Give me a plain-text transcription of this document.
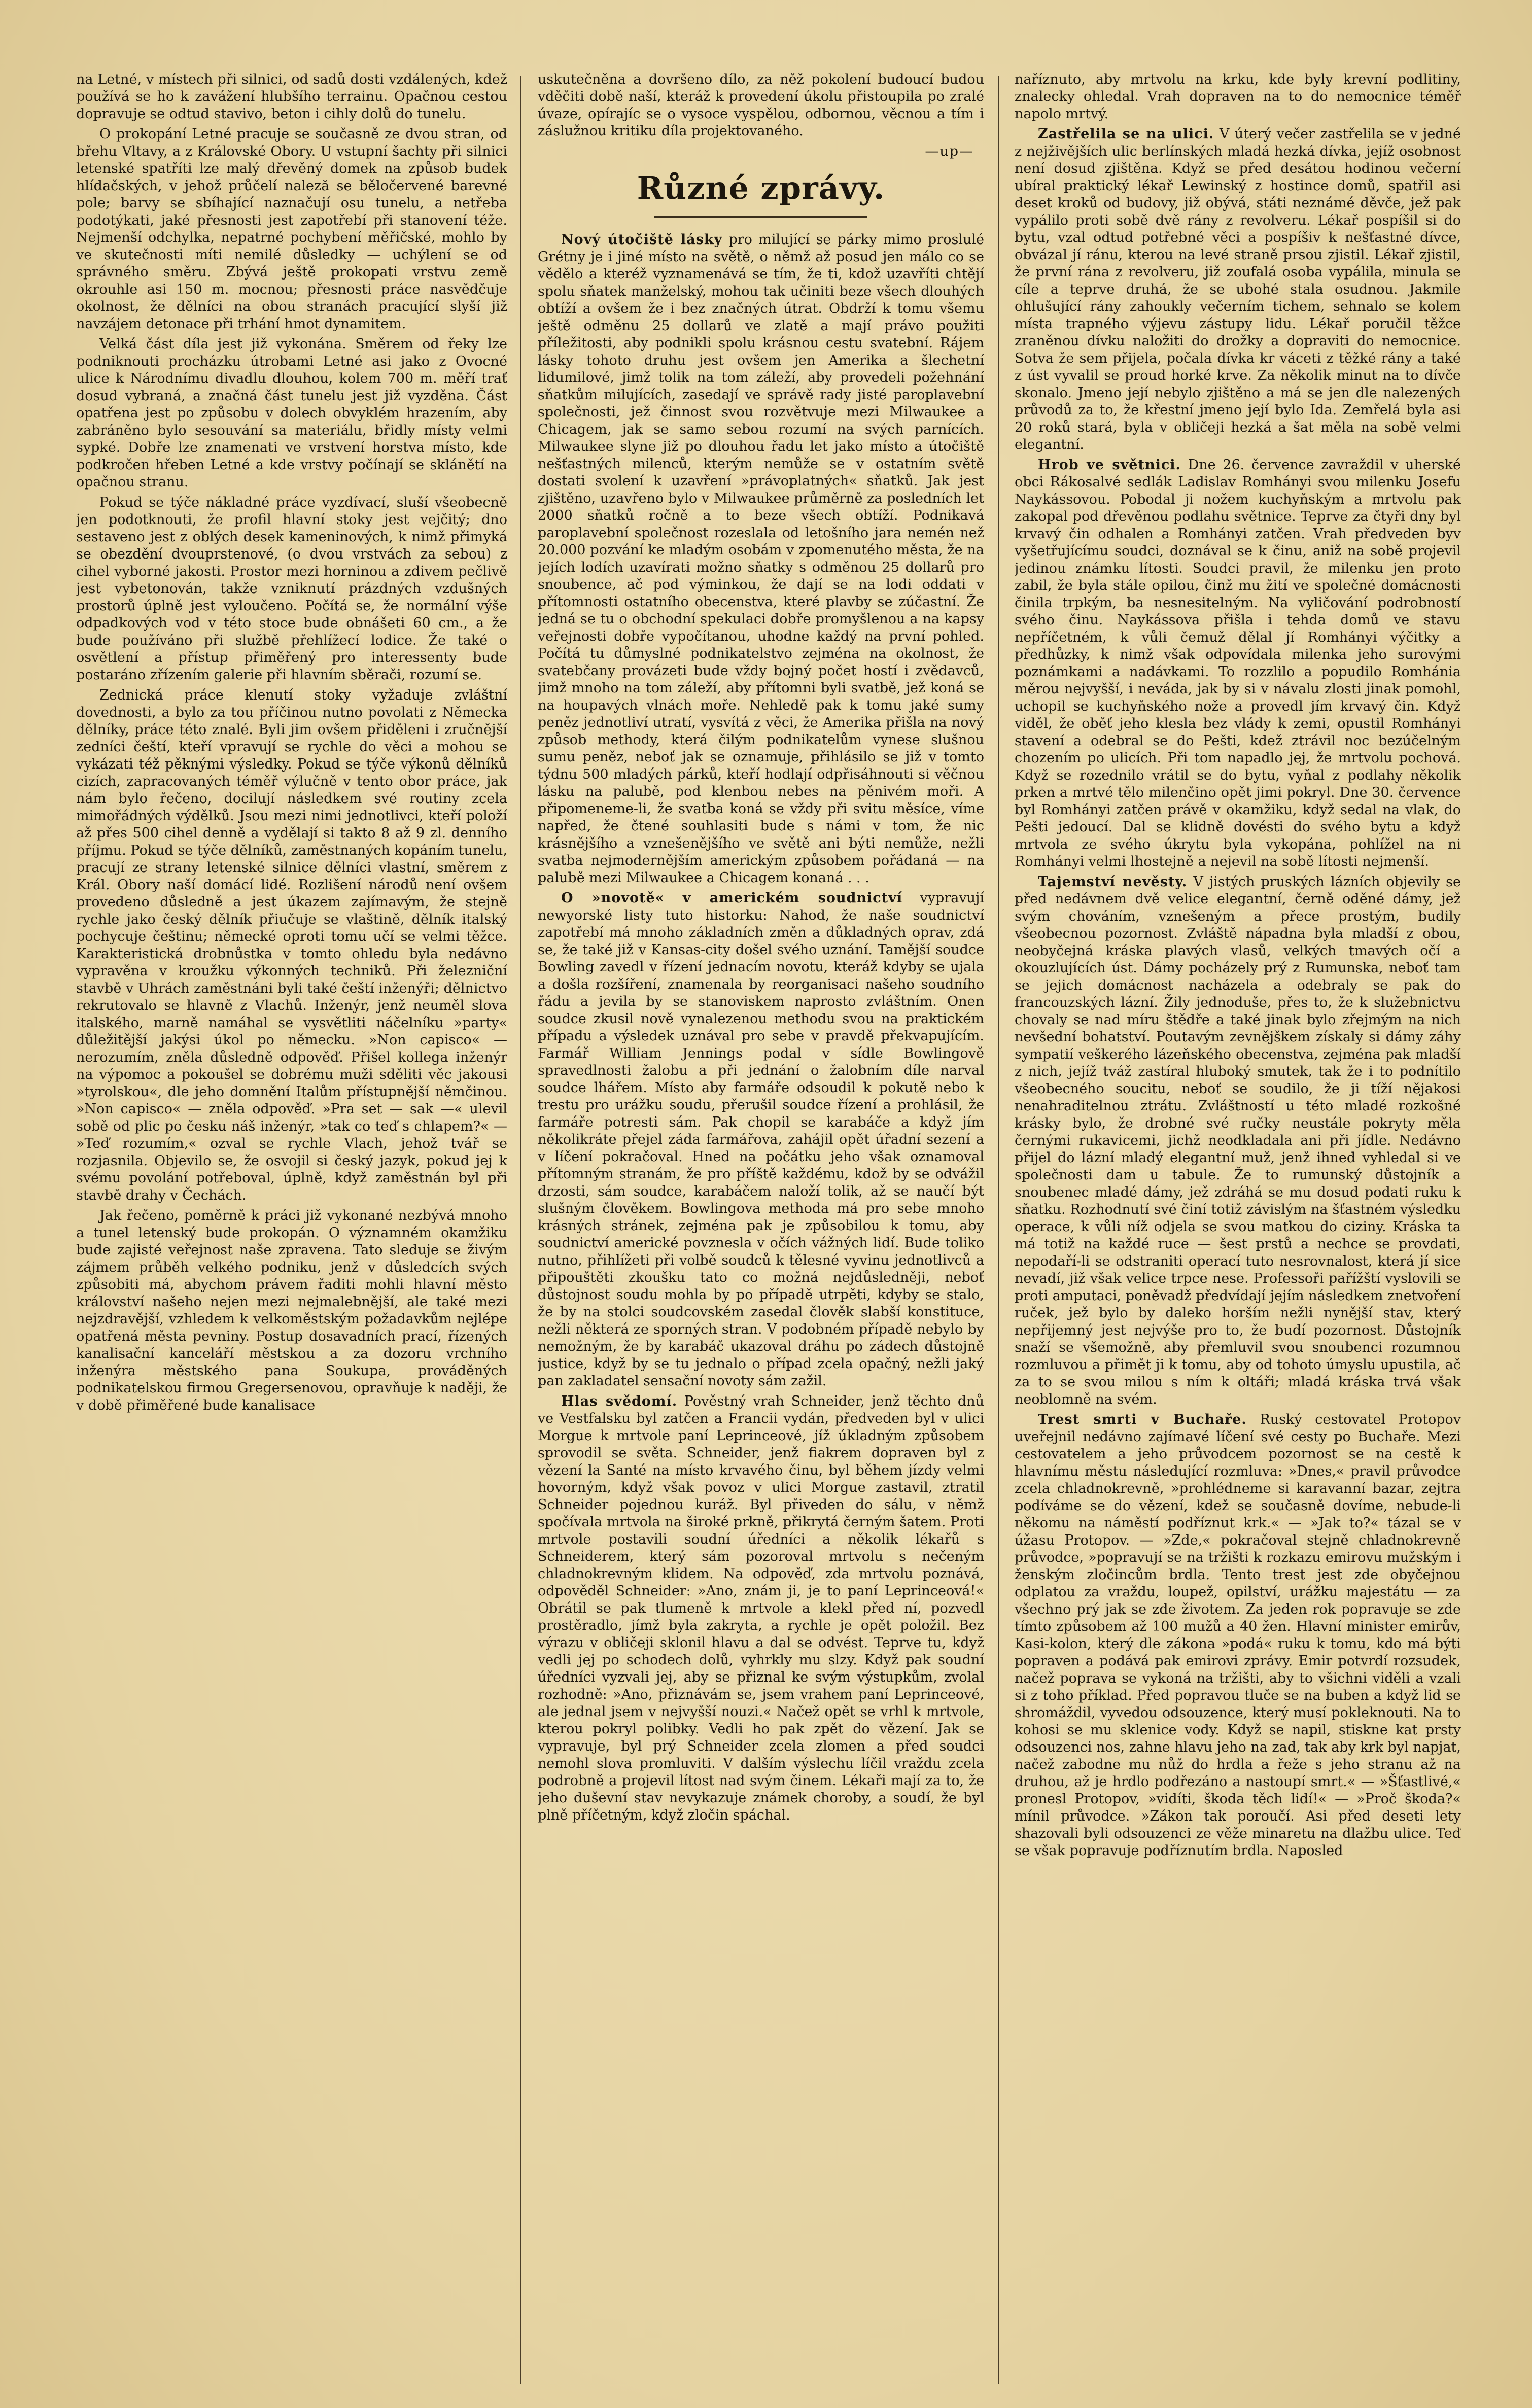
na Letné, v místech při silnici, od sadů dosti vzdálených, kdež používá se ho k zavážení hlubšího terrainu. Opačnou cestou dopravuje se odtud stavivo, beton i cihly dolů do tunelu.

O prokopání Letné pracuje se současně ze dvou stran, od břehu Vltavy, a z Královské Obory. U vstupní šachty při silnici letenské spatříti lze malý dřevěný domek na způsob budek hlídačských, v jehož průčelí naleză se běločervené barevné pole; barvy se sbíhající naznačují osu tunelu, a netřeba podotýkati, jaké přesnosti jest zapotřebí při stanovení téže. Nejmenší odchylka, nepatrné pochybení měřičské, mohlo by ve skutečnosti míti nemilé důsledky — uchýlení se od správného směru. Zbývá ještě prokopati vrstvu země okrouhle asi 150 m. mocnou; přesnosti práce nasvědčuje okolnost, že dělníci na obou stranách pracující slyší již navzájem detonace při trhání hmot dynamitem.

Velká část díla jest již vykonána. Směrem od řeky lze podniknouti procházku útrobami Letné asi jako z Ovocné ulice k Národnímu divadlu dlouhou, kolem 700 m. měří trať dosud vybraná, a značná část tunelu jest již vyzděna. Část opatřena jest po způsobu v dolech obvyklém hrazením, aby zabráněno bylo sesouvání sa materiálu, břidly místy velmi sypké. Dobře lze znamenati ve vrstvení horstva místo, kde podkročen hřeben Letné a kde vrstvy počínají se sklánětí na opačnou stranu.

Pokud se týče nákladné práce vyzdívací, sluší všeobecně jen podotknouti, že profil hlavní stoky jest vejčitý; dno sestaveno jest z oblých desek kameninových, k nimž přimyká se obezdění dvouprstenové, (o dvou vrstvách za sebou) z cihel vyborné jakosti. Prostor mezi horninou a zdivem pečlivě jest vybetonován, takže vzniknutí prázdných vzdušných prostorů úplně jest vyloučeno. Počítá se, že normální výše odpadkových vod v této stoce bude obnášeti 60 cm., a že bude používáno při službě přehlížecí lodice. Že také o osvětlení a přístup přiměřený pro interessenty bude postaráno zřízením galerie při hlavním sběrači, rozumí se.

Zednická práce klenutí stoky vyžaduje zvláštní dovednosti, a bylo za tou příčinou nutno povolati z Německa dělníky, práce této znalé. Byli jim ovšem přiděleni i zručnější zedníci čeští, kteří vpravují se rychle do věci a mohou se vykázati též pěknými výsledky. Pokud se týče výkonů dělníků cizích, zapracovaných téměř výlučně v tento obor práce, jak nám bylo řečeno, docilují následkem své routiny zcela mimořádných výdělků. Jsou mezi nimi jednotlivci, kteří položí až přes 500 cihel denně a vydělají si takto 8 až 9 zl. denního příjmu. Pokud se týče dělníků, zaměstnaných kopáním tunelu, pracují ze strany letenské silnice dělníci vlastní, směrem z Král. Obory naší domácí lidé. Rozlišení národů není ovšem provedeno důsledně a jest úkazem zajímavým, že stejně rychle jako český dělník přiučuje se vlaštině, dělník italský pochycuje češtinu; německé oproti tomu učí se velmi těžce. Karakteristická drobnůstka v tomto ohledu byla nedávno vypravěna v kroužku výkonných techniků. Při železniční stavbě v Uhrách zaměstnáni byli také čeští inženýři; dělnictvo rekrutovalo se hlavně z Vlachů. Inženýr, jenž neuměl slova italského, marně namáhal se vysvětliti náčelníku »party« důležitější jakýsi úkol po německu. »Non capisco« — nerozumím, zněla důsledně odpověď. Přišel kollega inženýr na výpomoc a pokoušel se dobrému muži sděliti věc jakousi »tyrolskou«, dle jeho domnění Italům přístupnější němčinou. »Non capisco« — zněla odpověď. »Pra set — sak —« ulevil sobě od plic po česku náš inženýr, »tak co teď s chlapem?« — »Teď rozumím,« ozval se rychle Vlach, jehož tvář se rozjasnila. Objevilo se, že osvojil si český jazyk, pokud jej k svému povolání potřeboval, úplně, když zaměstnán byl při stavbě drahy v Čechách.

Jak řečeno, poměrně k práci již vykonané nezbývá mnoho a tunel letenský bude prokopán. O významném okamžiku bude zajisté veřejnost naše zpravena. Tato sleduje se živým zájmem průběh velkého podniku, jenž v důsledcích svých způsobiti má, abychom právem řaditi mohli hlavní město království našeho nejen mezi nejmalebnější, ale také mezi nejzdravější, vzhledem k velkoměstským požadavkům nejlépe opatřená města pevniny. Postup dosavadních prací, řízených kanalisační kanceláří městskou a za dozoru vrchního inženýra městského pana Soukupa, prováděných podnikatelskou firmou Gregersenovou, opravňuje k naději, že v době přiměřené bude kanalisace

uskutečněna a dovršeno dílo, za něž pokolení budoucí budou vděčiti době naší, kteráž k provedení úkolu přistoupila po zralé úvaze, opírajíc se o vysoce vyspělou, odbornou, věcnou a tím i záslužnou kritiku díla projektovaného.

—up—
Různé zprávy.

Nový útočiště lásky pro milující se párky mimo proslulé Grétny je i jiné místo na světě, o němž až posud jen málo co se vědělo a kteréž vyznamenává se tím, že ti, kdož uzavříti chtějí spolu sňatek manželský, mohou tak učiniti beze všech dlouhých obtíží a ovšem že i bez značných útrat. Obdrží k tomu všemu ještě odměnu 25 dollarů ve zlatě a mají právo použiti příležitosti, aby podnikli spolu krásnou cestu svatební. Rájem lásky tohoto druhu jest ovšem jen Amerika a šlechetní lidumilové, jimž tolik na tom záleží, aby provedeli požehnání sňatkům milujících, zasedají ve správě rady jisté paroplavební společnosti, jež činnost svou rozvětvuje mezi Milwaukee a Chicagem, jak se samo sebou rozumí na svých parnících. Milwaukee slyne již po dlouhou řadu let jako místo a útočiště nešťastných milenců, kterým nemůže se v ostatním světě dostati svolení k uzavření »právoplatných« sňatků. Jak jest zjištěno, uzavřeno bylo v Milwaukee průměrně za posledních let 2000 sňatků ročně a to beze všech obtíží. Podnikavá paroplavební společnost rozeslala od letošního jara nemén než 20.000 pozvání ke mladým osobám v zpomenutého města, že na jejích lodích uzavírati možno sňatky s odměnou 25 dollarů pro snoubence, ač pod výminkou, že dají se na lodi oddati v přítomnosti ostatního obecenstva, které plavby se zúčastní. Že jedná se tu o obchodní spekulaci dobře promyšlenou a na kapsy veřejnosti dobře vypočítanou, uhodne každý na první pohled. Počítá tu důmyslné podnikatelstvo zejména na okolnost, že svatebčany provázeti bude vždy bojný počet hostí i zvědavců, jimž mnoho na tom záleží, aby přítomni byli svatbě, jež koná se na houpavých vlnách moře. Nehledě pak k tomu jaké sumy peněz jednotliví utratí, vysvítá z věci, že Amerika přišla na nový způsob methody, která čilým podnikatelům vynese slušnou sumu peněz, neboť jak se oznamuje, přihlásilo se již v tomto týdnu 500 mladých párků, kteří hodlají odpřisáhnouti si věčnou lásku na palubě, pod klenbou nebes na pěnivém moři. A připomeneme-li, že svatba koná se vždy při svitu měsíce, víme napřed, že čtené souhlasiti bude s námi v tom, že nic krásnějšího a vznešenějšího ve světě ani býti nemůže, nežli svatba nejmodernějším americkým způsobem pořádaná — na palubě mezi Milwaukee a Chicagem konaná . . .

O »novotě« v americkém soudnictví vypravují newyorské listy tuto historku: Nahod, že naše soudnictví zapotřebí má mnoho základních změn a důkladných oprav, zdá se, že také již v Kansas-city došel svého uznání. Tamější soudce Bowling zavedl v řízení jednacím novotu, kteráž kdyby se ujala a došla rozšíření, znamenala by reorganisaci našeho soudního řádu a jevila by se stanoviskem naprosto zvláštním. Onen soudce zkusil nově vynalezenou methodu svou na praktickém případu a výsledek uznával pro sebe v pravdě překvapujícím. Farmář William Jennings podal v sídle Bowlingově spravedlnosti žalobu a při jednání o žalobním díle narval soudce lhářem. Místo aby farmáře odsoudil k pokutě nebo k trestu pro urážku soudu, přerušil soudce řízení a prohlásil, že farmáře potresti sám. Pak chopil se karabáče a když jím několikráte přejel záda farmářova, zahájil opět úřadní sezení a v líčení pokračoval. Hned na počátku jeho však oznamoval přítomným stranám, že pro příště každému, kdož by se odvážil drzosti, sám soudce, karabáčem naloží tolik, až se naučí být slušným člověkem. Bowlingova methoda má pro sebe mnoho krásných stránek, zejména pak je způsobilou k tomu, aby soudnictví americké povznesla v očích vážných lidí. Bude toliko nutno, přihlížeti při volbě soudců k tělesné vyvinu jednotlivců a připouštěti zkoušku tato co možná nejdůsledněji, neboť důstojnost soudu mohla by po případě utrpěti, kdyby se stalo, že by na stolci soudcovském zasedal člověk slabší konstituce, nežli některá ze sporných stran. V podobném případě nebylo by nemožným, že by karabáč ukazoval dráhu po zádech důstojně justice, když by se tu jednalo o případ zcela opačný, nežli jaký pan zakladatel sensační novoty sám zažil.

Hlas svědomí. Pověstný vrah Schneider, jenž těchto dnů ve Vestfalsku byl zatčen a Francii vydán, předveden byl v ulici Morgue k mrtvole paní Leprinceové, jíž úkladným způsobem sprovodil se světa. Schneider, jenž fiakrem dopraven byl z vězení la Santé na místo krvavého činu, byl během jízdy velmi hovorným, když však povoz v ulici Morgue zastavil, ztratil Schneider pojednou kuráž. Byl přiveden do sálu, v němž spočívala mrtvola na široké prkně, přikrytá černým šatem. Proti mrtvole postavili soudní úředníci a několik lékařů s Schneiderem, který sám pozoroval mrtvolu s nečeným chladnokrevným klidem. Na odpověď, zda mrtvolu poznává, odpověděl Schneider: »Ano, znám ji, je to paní Leprinceová!« Obrátil se pak tlumeně k mrtvole a klekl před ní, pozvedl prostěradlo, jímž byla zakryta, a rychle je opět položil. Bez výrazu v obličeji sklonil hlavu a dal se odvést. Teprve tu, když vedli jej po schodech dolů, vyhrkly mu slzy. Když pak soudní úředníci vyzvali jej, aby se přiznal ke svým výstupkům, zvolal rozhodně: »Ano, přiznávám se, jsem vrahem paní Leprinceové, ale jednal jsem v nejvyšší nouzi.« Načež opět se vrhl k mrtvole, kterou pokryl polibky. Vedli ho pak zpět do vězení. Jak se vypravuje, byl prý Schneider zcela zlomen a před soudci nemohl slova promluviti. V dalším výslechu líčil vraždu zcela podrobně a projevil lítost nad svým činem. Lékaři mají za to, že jeho duševní stav nevykazuje známek choroby, a soudí, že byl plně příčetným, když zločin spáchal.

naříznuto, aby mrtvolu na krku, kde byly krevní podlitiny, znalecky ohledal. Vrah dopraven na to do nemocnice téměř napolo mrtvý.

Zastřelila se na ulici. V úterý večer zastřelila se v jedné z nejživějších ulic berlínských mladá hezká dívka, jejíž osobnost není dosud zjištěna. Když se před desátou hodinou večerní ubíral praktický lékař Lewinský z hostince domů, spatřil asi deset kroků od budovy, již obývá, státi neznámé děvče, jež pak vypálilo proti sobě dvě rány z revolveru. Lékař pospíšil si do bytu, vzal odtud potřebné věci a pospíšiv k nešťastné dívce, obvázal jí ránu, kterou na levé straně prsou zjistil. Lékař zjistil, že první rána z revolveru, již zoufalá osoba vypálila, minula se cíle a teprve druhá, že se ubohé stala osudnou. Jakmile ohlušující rány zahoukly večerním tichem, sehnalo se kolem místa trapného výjevu zástupy lidu. Lékař poručil těžce zraněnou dívku naložiti do drožky a dopraviti do nemocnice. Sotva že sem přijela, počala dívka kr váceti z těžké rány a také z úst vyvalil se proud horké krve. Za několik minut na to dívče skonalo. Jmeno její nebylo zjištěno a má se jen dle nalezených průvodů za to, že křestní jmeno její bylo Ida. Zemřelá byla asi 20 roků stará, byla v obličeji hezká a šat měla na sobě velmi elegantní.

Hrob ve světnici. Dne 26. července zavraždil v uherské obci Rákosalvé sedlák Ladislav Romhányi svou milenku Josefu Naykássovou. Pobodal ji nožem kuchyňským a mrtvolu pak zakopal pod dřevěnou podlahu světnice. Teprve za čtyři dny byl krvavý čin odhalen a Romhányi zatčen. Vrah předveden byv vyšetřujícímu soudci, doznával se k činu, aniž na sobě projevil jedinou známku lítosti. Soudci pravil, že milenku jen proto zabil, že byla stále opilou, činž mu žití ve společné domácnosti činila trpkým, ba nesnesitelným. Na vyličování podrobností svého činu. Naykássova přišla i tehda domů ve stavu nepříčetném, k vůli čemuž dělal jí Romhányi výčitky a předhůzky, k nimž však odpovídala milenka jeho surovými poznámkami a nadávkami. To rozzlilo a popudilo Romhánia měrou nejvyšší, i neváda, jak by si v návalu zlosti jinak pomohl, uchopil se kuchyňského nože a provedl jím krvavý čin. Když viděl, že oběť jeho klesla bez vlády k zemi, opustil Romhányi stavení a odebral se do Pešti, kdež ztrávil noc bezúčelným chozením po ulicích. Při tom napadlo jej, že mrtvolu pochová. Když se rozednilo vrátil se do bytu, vyňal z podlahy několik prken a mrtvé tělo milenčino opět jimi pokryl. Dne 30. července byl Romhányi zatčen právě v okamžiku, když sedal na vlak, do Pešti jedoucí. Dal se klidně dovésti do svého bytu a když mrtvola ze svého úkrytu byla vykopána, pohlížel na ni Romhányi velmi lhostejně a nejevil na sobě lítosti nejmenší.

Tajemství nevěsty. V jistých pruských lázních objevily se před nedávnem dvě velice elegantní, černě oděné dámy, jež svým chováním, vznešeným a přece prostým, budily všeobecnou pozornost. Zvláště nápadna byla mladší z obou, neobyčejná kráska plavých vlasů, velkých tmavých očí a okouzlujících úst. Dámy pocházely prý z Rumunska, neboť tam se jejich domácnost nacházela a odebraly se pak do francouzských lázní. Žily jednoduše, přes to, že k služebnictvu chovaly se nad míru štědře a také jinak bylo zřejmým na nich nevšední bohatství. Poutavým zevnějškem získaly si dámy záhy sympatií veškerého lázeňského obecenstva, zejména pak mladší z nich, jejíž tváž zastíral hluboký smutek, tak že i to podnítilo všeobecného soucitu, neboť se soudilo, že ji tíží nějakosi nenahraditelnou ztrátu. Zvláštností u této mladé rozkošné krásky bylo, že drobné své ručky neustále pokryty měla černými rukavicemi, jichž neodkladala ani při jídle. Nedávno přijel do lázní mladý elegantní muž, jenž ihned vyhledal si ve společnosti dam u tabule. Že to rumunský důstojník a snoubenec mladé dámy, jež zdráhá se mu dosud podati ruku k sňatku. Rozhodnutí své činí totiž závislým na šťastném výsledku operace, k vůli níž odjela se svou matkou do ciziny. Kráska ta má totiž na každé ruce — šest prstů a nechce se provdati, nepodaří-li se odstraniti operací tuto nesrovnalost, která jí sice nevadí, již však velice trpce nese. Professoři pařížští vyslovili se proti amputaci, poněvadž předvídají jejím následkem znetvoření ruček, jež bylo by daleko horším nežli nynější stav, který nepřijemný jest nejvýše pro to, že budí pozornost. Důstojník snaží se všemožně, aby přemluvil svou snoubenci rozumnou rozmluvou a přimět ji k tomu, aby od tohoto úmyslu upustila, ač za to se svou milou s ním k oltáři; mladá kráska trvá však neoblomně na svém.

Trest smrti v Buchaře. Ruský cestovatel Protopov uveřejnil nedávno zajímavé líčení své cesty po Buchaře. Mezi cestovatelem a jeho průvodcem pozornost se na cestě k hlavnímu městu následující rozmluva: »Dnes,« pravil průvodce zcela chladnokrevně, »prohlédneme si karavanní bazar, zejtra podíváme se do vězení, kdež se současně dovíme, nebude-li někomu na náměstí podříznut krk.« — »Jak to?« tázal se v úžasu Protopov. — »Zde,« pokračoval stejně chladnokrevně průvodce, »popravují se na tržišti k rozkazu emirovu mužským i ženským zločincům brdla. Tento trest jest zde obyčejnou odplatou za vraždu, loupež, opilství, urážku majestátu — za všechno prý jak se zde životem. Za jeden rok popravuje se zde tímto způsobem až 100 mužů a 40 žen. Hlavní minister emirův, Kasi-kolon, který dle zákona »podá« ruku k tomu, kdo má býti popraven a podává pak emirovi zprávy. Emir potvrdí rozsudek, načež poprava se vykoná na tržišti, aby to všichni viděli a vzali si z toho příklad. Před popravou tluče se na buben a když lid se shromáždil, vyvedou odsouzence, který musí pokleknouti. Na to kohosi se mu sklenice vody. Když se napil, stiskne kat prsty odsouzenci nos, zahne hlavu jeho na zad, tak aby krk byl napjat, načež zabodne mu nůž do hrdla a řeže s jeho stranu až na druhou, až je hrdlo podřezáno a nastoupí smrt.« — »Šťastlivé,« pronesl Protopov, »vidíti, škoda těch lidí!« — »Proč škoda?« mínil průvodce. »Zákon tak poroučí. Asi před deseti lety shazovali byli odsouzenci ze věže minaretu na dlažbu ulice. Teď se však popravuje podříznutím brdla. Naposled
